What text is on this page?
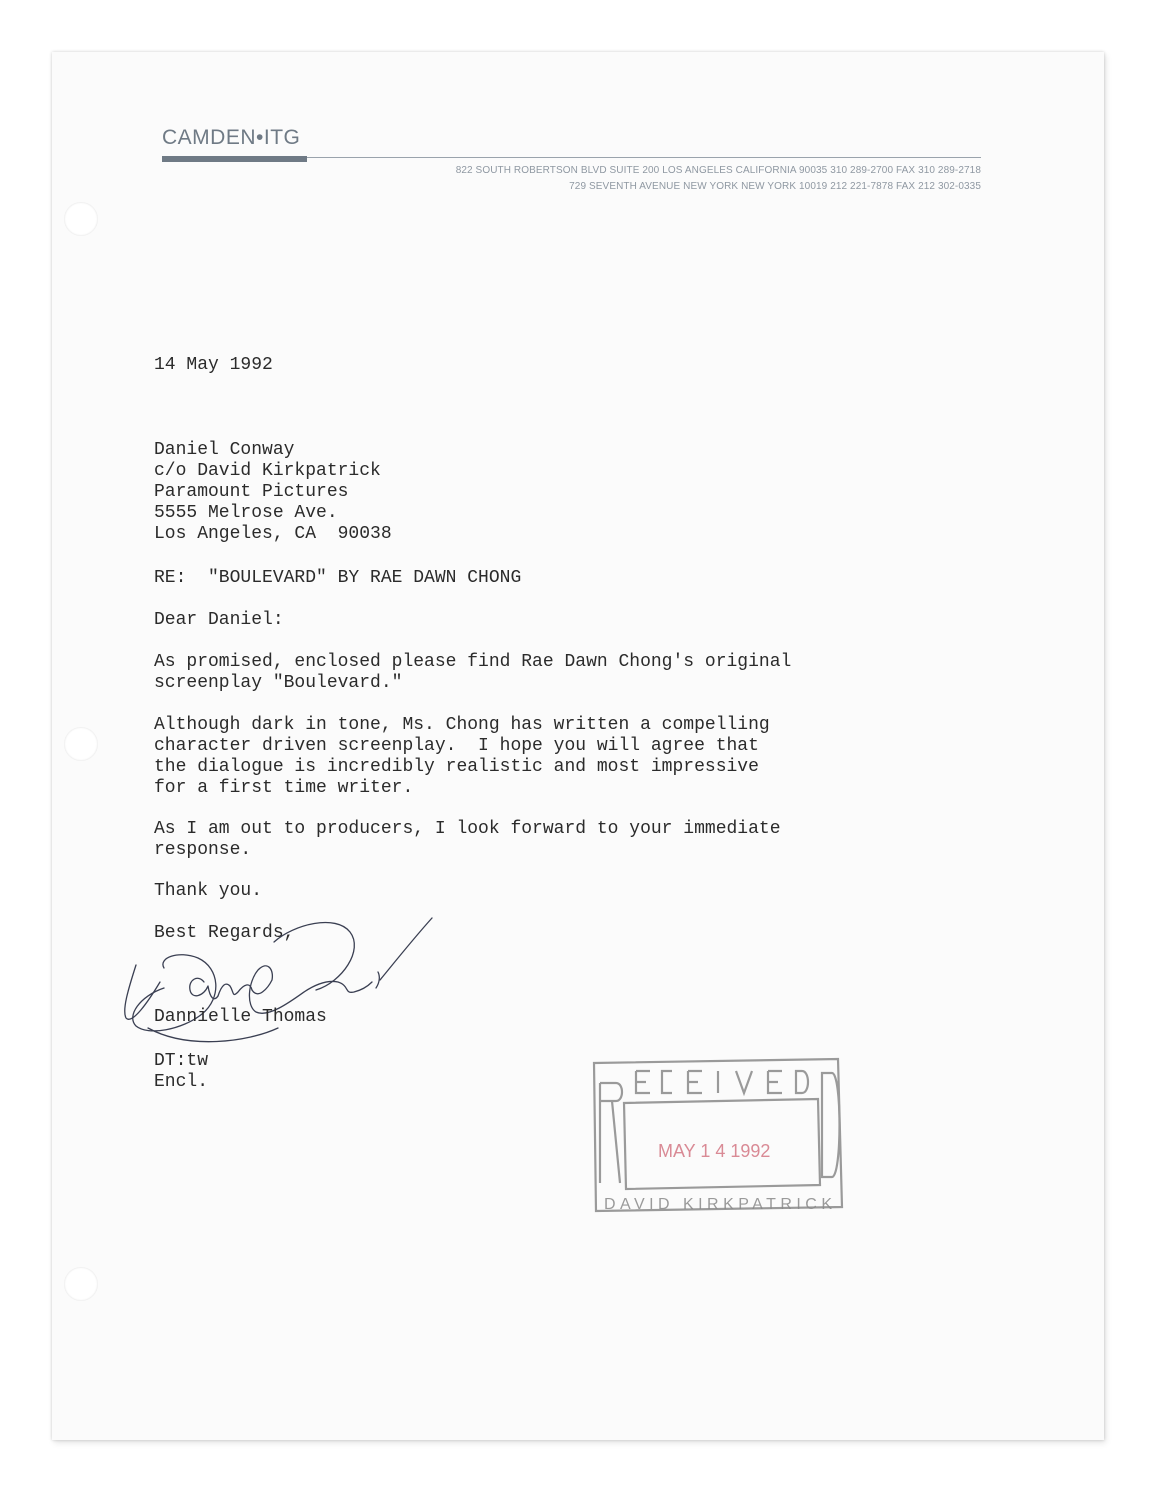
CAMDEN•ITG
822 SOUTH ROBERTSON BLVD SUITE 200 LOS ANGELES CALIFORNIA 90035 310 289-2700 FAX 310 289-2718
729 SEVENTH AVENUE NEW YORK NEW YORK 10019 212 221-7878 FAX 212 302-0335

14 May 1992

Daniel Conway

c/o David Kirkpatrick

Paramount Pictures

5555 Melrose Ave.

Los Angeles, CA  90038

RE:  "BOULEVARD" BY RAE DAWN CHONG

Dear Daniel:

As promised, enclosed please find Rae Dawn Chong's original
screenplay "Boulevard."

Although dark in tone, Ms. Chong has written a compelling
character driven screenplay.  I hope you will agree that
the dialogue is incredibly realistic and most impressive
for a first time writer.

As I am out to producers, I look forward to your immediate
response.

Thank you.

Best Regards,

Dannielle Thomas

DT:tw

Encl.

MAY 1 4 1992
DAVID KIRKPATRICK
